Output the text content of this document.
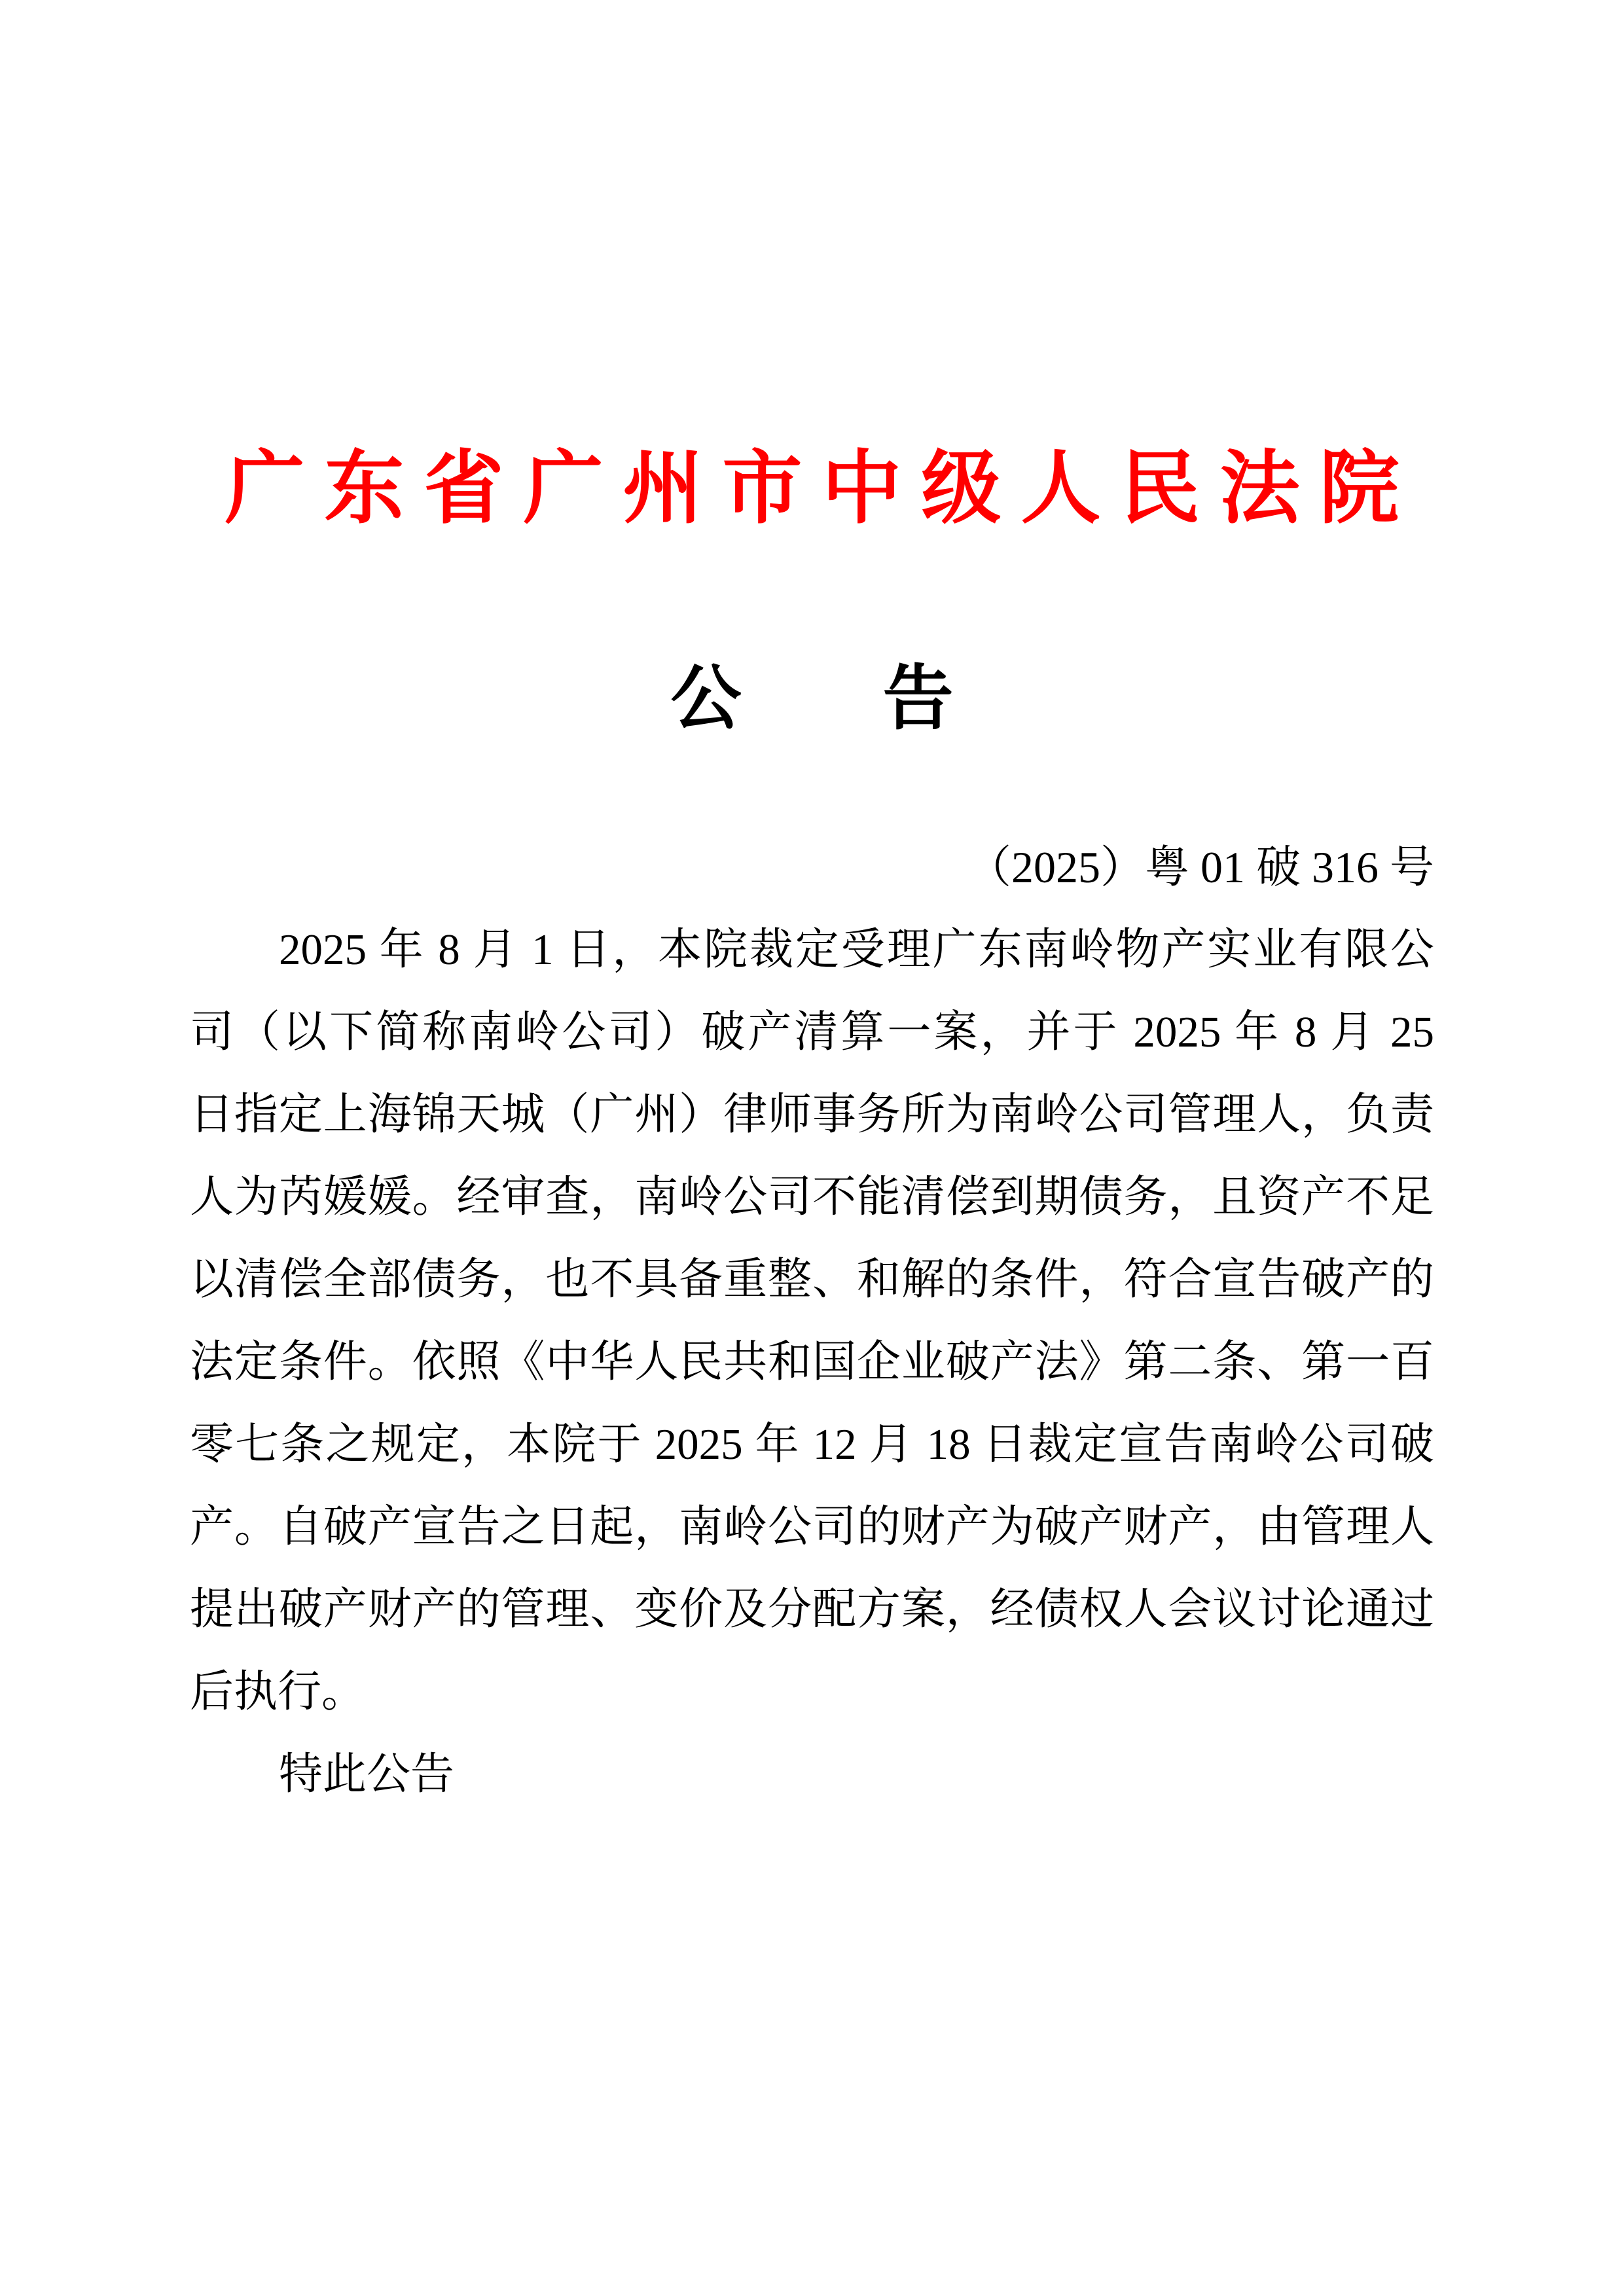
广东省广州市中级人民法院
公　　告
（2025）粤 01 破 316 号
2025 年 8 月 1 日，本院裁定受理广东南岭物产实业有限公
司（以下简称南岭公司）破产清算一案，并于 2025 年 8 月 25
日指定上海锦天城（广州）律师事务所为南岭公司管理人，负责
人为芮媛媛。经审查，南岭公司不能清偿到期债务，且资产不足
以清偿全部债务，也不具备重整、和解的条件，符合宣告破产的
法定条件。依照《中华人民共和国企业破产法》第二条、第一百
零七条之规定，本院于 2025 年 12 月 18 日裁定宣告南岭公司破
产。自破产宣告之日起，南岭公司的财产为破产财产，由管理人
提出破产财产的管理、变价及分配方案，经债权人会议讨论通过
后执行。
特此公告
